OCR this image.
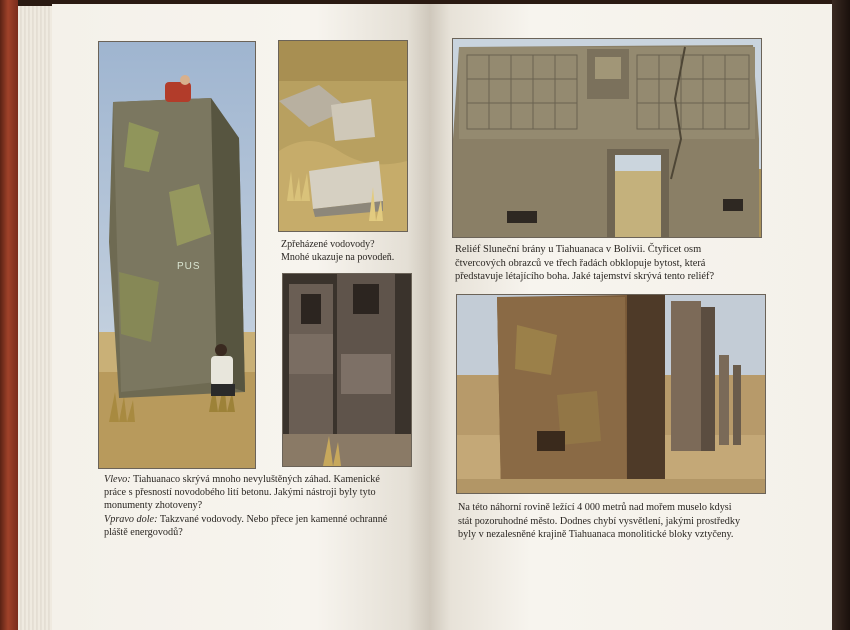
PUS
Zpřeházené vodovody?
Mnohé ukazuje na povodeň.
Vlevo: Tiahuanaco skrývá mnoho nevyluštěných záhad. Kamenické
práce s přesností novodobého lití betonu. Jakými nástroji byly tyto
monumenty zhotoveny?
Vpravo dole: Takzvané vodovody. Nebo přece jen kamenné ochranné
pláště energovodů?
Reliéf Sluneční brány u Tiahuanaca v Bolívii. Čtyřicet osm
čtvercových obrazců ve třech řadách obklopuje bytost, která
představuje létajícího boha. Jaké tajemství skrývá tento reliéf?
Na této náhorní rovině ležící 4 000 metrů nad mořem muselo kdysi
stát pozoruhodné město. Dodnes chybí vysvětlení, jakými prostředky
byly v nezalesněné krajině Tiahuanaca monolitické bloky vztyčeny.
